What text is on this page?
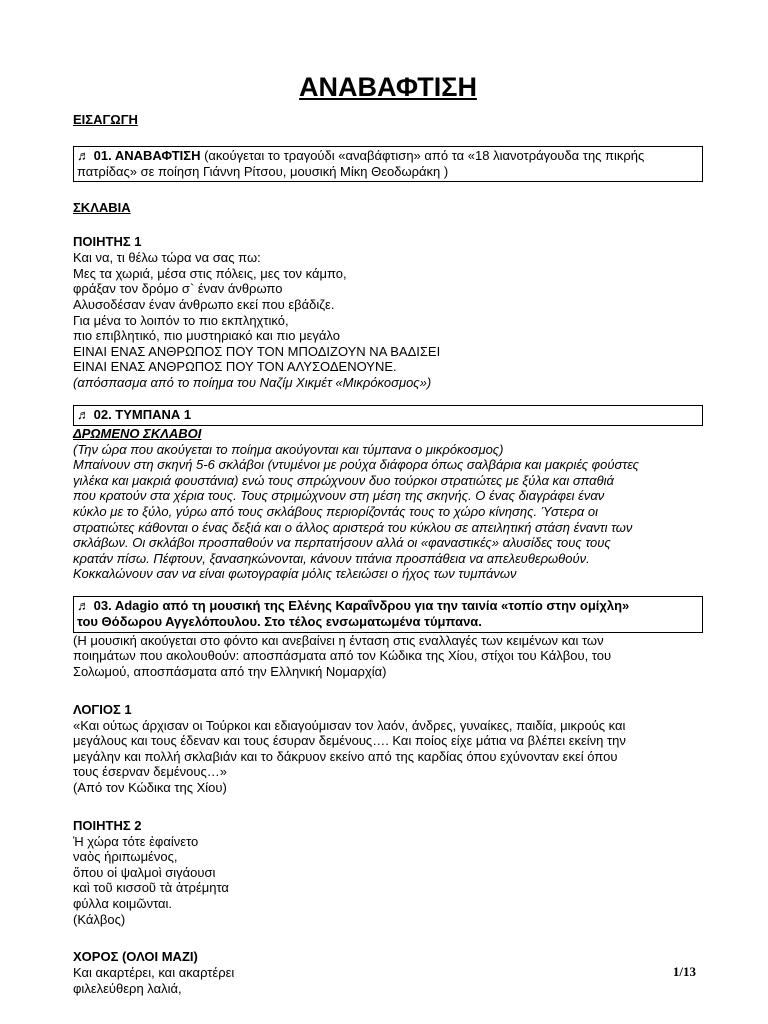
ΑΝΑΒΑΦΤΙΣΗ
ΕΙΣΑΓΩΓΗ
♬ 01. ΑΝΑΒΑΦΤΙΣΗ (ακούγεται το τραγούδι «αναβάφτιση» από τα «18 λιανοτράγουδα της πικρής πατρίδας» σε ποίηση Γιάννη Ρίτσου, μουσική Μίκη Θεοδωράκη )
ΣΚΛΑΒΙΑ
ΠΟΙΗΤΗΣ 1
Και να, τι θέλω τώρα να σας πω:
Μες τα χωριά, μέσα στις πόλεις, μες τον κάμπο,
φράξαν τον δρόμο σ` έναν άνθρωπο
Αλυσοδέσαν έναν άνθρωπο εκεί που εβάδιζε.
Για μένα το λοιπόν το πιο εκπληχτικό,
πιο επιβλητικό, πιο μυστηριακό και πιο μεγάλο
ΕΙΝΑΙ ΕΝΑΣ ΑΝΘΡΩΠΟΣ ΠΟΥ ΤΟΝ ΜΠΟΔΙΖΟΥΝ ΝΑ ΒΑΔΙΣΕΙ
ΕΙΝΑΙ ΕΝΑΣ ΑΝΘΡΩΠΟΣ ΠΟΥ ΤΟΝ ΑΛΥΣΟΔΕΝΟΥΝΕ.
(απόσπασμα από το ποίημα του Ναζίμ Χικμέτ «Μικρόκοσμος»)
♬ 02. ΤΥΜΠΑΝΑ 1
ΔΡΩΜΕΝΟ ΣΚΛΑΒΟΙ
(Την ώρα που ακούγεται το ποίημα ακούγονται και τύμπανα ο μικρόκοσμος)
Μπαίνουν στη σκηνή 5-6 σκλάβοι (ντυμένοι με ρούχα διάφορα όπως σαλβάρια και μακριές φούστες
γιλέκα και μακριά φουστάνια) ενώ τους σπρώχνουν δυο τούρκοι στρατιώτες με ξύλα και σπαθιά
που κρατούν στα χέρια τους. Τους στριμώχνουν στη μέση της σκηνής. Ο ένας διαγράφει έναν
κύκλο με το ξύλο, γύρω από τους σκλάβους περιορίζοντάς τους το χώρο κίνησης. Ύστερα οι
στρατιώτες κάθονται ο ένας δεξιά και ο άλλος αριστερά του κύκλου σε απειλητική στάση έναντι των
σκλάβων. Οι σκλάβοι προσπαθούν να περπατήσουν αλλά οι «φαναστικές» αλυσίδες τους τους
κρατάν πίσω. Πέφτουν, ξανασηκώνονται, κάνουν τιτάνια προσπάθεια να απελευθερωθούν.
Κοκκαλώνουν σαν να είναι φωτογραφία μόλις τελειώσει ο ήχος των τυμπάνων
♬ 03. Adagio από τη μουσική της Ελένης Καραΐνδρου για την ταινία «τοπίο στην ομίχλη»
του Θόδωρου Αγγελόπουλου. Στο τέλος ενσωματωμένα τύμπανα.
(Η μουσική ακούγεται στο φόντο και ανεβαίνει η ένταση στις εναλλαγές των κειμένων και των
ποιημάτων που ακολουθούν: αποσπάσματα από τον Κώδικα της Χίου, στίχοι του Κάλβου, του
Σολωμού, αποσπάσματα από την Ελληνική Νομαρχία)
ΛΟΓΙΟΣ 1
«Και ούτως άρχισαν οι Τούρκοι και εδιαγούμισαν τον λαόν, άνδρες, γυναίκες, παιδία, μικρούς και
μεγάλους και τους έδεναν και τους έσυραν δεμένους…. Και ποίος είχε μάτια να βλέπει εκείνη την
μεγάλην και πολλή σκλαβιάν και το δάκρυον εκείνο από της καρδίας όπου εχύνονταν εκεί όπου
τους έσερναν δεμένους…»
(Από τον Κώδικα της Χίου)
ΠΟΙΗΤΗΣ 2
Ἡ χώρα τότε ἐφαίνετο
ναὸς ἠριπωμένος,
ὅπου οἱ ψαλμοὶ σιγάουσι
καὶ τοῦ κισσοῦ τὰ ἀτρέμητα
φύλλα κοιμῶνται.
(Κάλβος)
ΧΟΡΟΣ (ΟΛΟΙ ΜΑΖΙ)
Και ακαρτέρει, και ακαρτέρει
φιλελεύθερη λαλιά,
1/13
